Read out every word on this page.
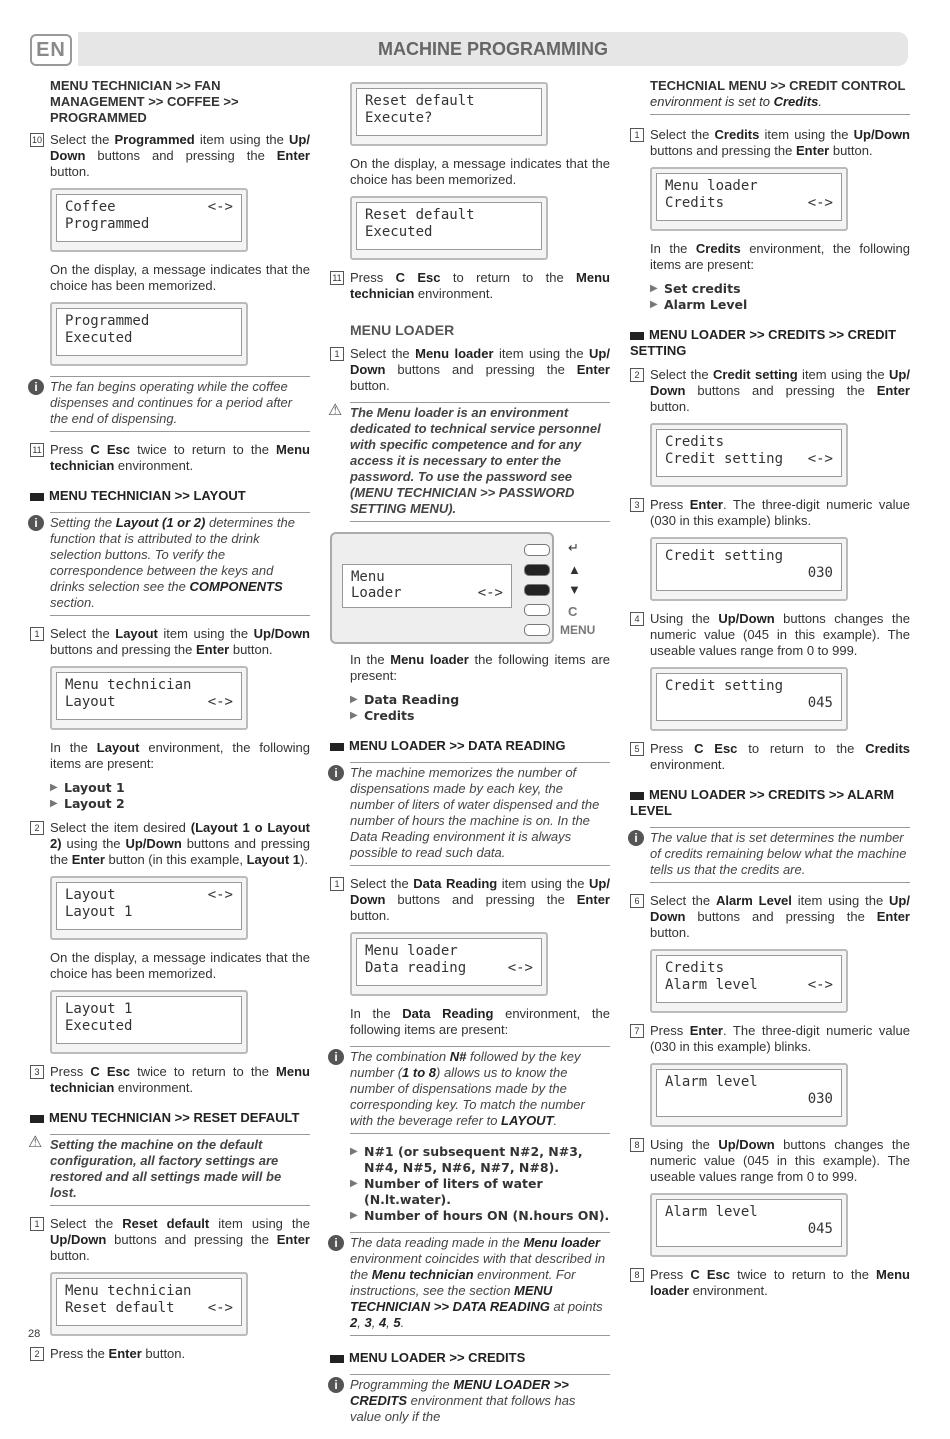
EN	MACHINE PROGRAMMING
MENU TECHNICIAN >> FAN MANAGEMENT >> COFFEE >> PROGRAMMED
10 Select the Programmed item using the Up/ Down buttons and pressing the Enter button.
Coffee	<->
Programmed
On the display, a message indicates that the choice has been memorized.
Programmed
Executed
i The fan begins operating while the coffee dispenses and continues for a period after the end of dispensing.
11 Press C Esc twice to return to the Menu technician environment.
MENU TECHNICIAN >> LAYOUT
i Setting the Layout (1 or 2) determines the function that is attributed to the drink selection buttons. To verify the correspondence between the keys and drinks selection see the COMPONENTS section.
1 Select the Layout item using the Up/Down buttons and pressing the Enter button.
Menu technician
Layout	<->
In the Layout environment, the following items are present:
▶ Layout 1
▶ Layout 2
2 Select the item desired (Layout 1 o Layout 2) using the Up/Down buttons and pressing the Enter button (in this example, Layout 1).
Layout	<->
Layout 1
On the display, a message indicates that the choice has been memorized.
Layout 1
Executed
3 Press C Esc twice to return to the Menu technician environment.
MENU TECHNICIAN >> RESET DEFAULT
⚠ Setting the machine on the default configuration, all factory settings are restored and all settings made will be lost.
1 Select the Reset default item using the Up/Down buttons and pressing the Enter button.
Menu technician
Reset default <->
2 Press the Enter button.
Reset default
Execute?
On the display, a message indicates that the choice has been memorized.
Reset default
Executed
11 Press C Esc to return to the Menu technician environment.
MENU LOADER
1 Select the Menu loader item using the Up/ Down buttons and pressing the Enter button.
⚠ The Menu loader is an environment dedicated to technical service personnel with specific competence and for any access it is necessary to enter the password. To use the password see (MENU TECHNICIAN >> PASSWORD SETTING MENU).
Menu
Loader	<->
↵
▲
▼
C
MENU
In the Menu loader the following items are present:
▶ Data Reading
▶ Credits
MENU LOADER >> DATA READING
i The machine memorizes the number of dispensations made by each key, the number of liters of water dispensed and the number of hours the machine is on. In the Data Reading environment it is always possible to read such data.
1 Select the Data Reading item using the Up/ Down buttons and pressing the Enter button.
Menu loader
Data reading	<->
In the Data Reading environment, the following items are present:
i The combination N# followed by the key number (1 to 8) allows us to know the number of dispensations made by the corresponding key. To match the number with the beverage refer to LAYOUT.
▶ N#1 (or subsequent N#2, N#3, N#4, N#5, N#6, N#7, N#8).
▶ Number of liters of water (N.lt.water).
▶ Number of hours ON (N.hours ON).
i The data reading made in the Menu loader environment coincides with that described in the Menu technician environment. For instructions, see the section MENU TECHNICIAN >> DATA READING at points 2, 3, 4, 5.
MENU LOADER >> CREDITS
i Programming the MENU LOADER >> CREDITS environment that follows has value only if the
TECHCNIAL MENU >> CREDIT CONTROL
environment is set to Credits.
1 Select the Credits item using the Up/Down buttons and pressing the Enter button.
Menu loader
Credits	<->
In the Credits environment, the following items are present:
▶ Set credits
▶ Alarm Level
MENU LOADER >> CREDITS >> CREDIT SETTING
2 Select the Credit setting item using the Up/ Down buttons and pressing the Enter button.
Credits
Credit setting <->
3 Press Enter. The three-digit numeric value (030 in this example) blinks.
Credit setting
030
4 Using the Up/Down buttons changes the numeric value (045 in this example). The useable values range from 0 to 999.
Credit setting
045
5 Press C Esc to return to the Credits environment.
MENU LOADER >> CREDITS >> ALARM LEVEL
i The value that is set determines the number of credits remaining below what the machine tells us that the credits are.
6 Select the Alarm Level item using the Up/ Down buttons and pressing the Enter button.
Credits
Alarm level	<->
7 Press Enter. The three-digit numeric value (030 in this example) blinks.
Alarm level
030
8 Using the Up/Down buttons changes the numeric value (045 in this example). The useable values range from 0 to 999.
Alarm level
045
8 Press C Esc twice to return to the Menu loader environment.
28
